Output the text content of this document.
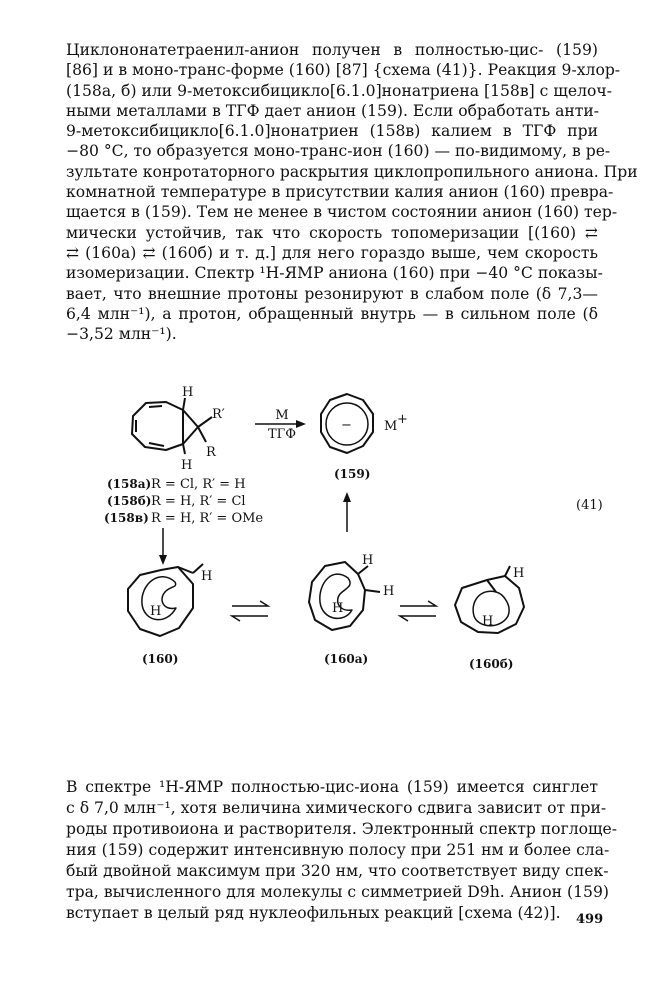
Циклононатетраенил-анион получен в полностью-цис- (159)
[86] и в моно-транс-форме (160) [87] {схема (41)}. Реакция 9-хлор-
(158а, б) или 9-метоксибицикло[6.1.0]нонатриена [158в] с щелоч-
ными металлами в ТГФ дает анион (159). Если обработать анти-
9-метоксибицикло[6.1.0]нонатриен (158в) калием в ТГФ при
−80 °С, то образуется моно-транс-ион (160) — по-видимому, в ре-
зультате конротаторного раскрытия циклопропильного аниона. При
комнатной температуре в присутствии калия анион (160) превра-
щается в (159). Тем не менее в чистом состоянии анион (160) тер-
мически устойчив, так что скорость топомеризации [(160) ⇄
⇄ (160а) ⇄ (160б) и т. д.] для него гораздо выше, чем скорость
изомеризации. Спектр ¹Н-ЯМР аниона (160) при −40 °С показы-
вает, что внешние протоны резонируют в слабом поле (δ 7,3—
6,4 млн⁻¹), а протон, обращенный внутрь — в сильном поле (δ
−3,52 млн⁻¹).
H
R′
R
H
M
ТГФ
− M +
(159)
(158а) R = Cl, R′ = H
(158б) R = H, R′ = Cl
(158в) R = H, R′ = OMe
(41)
H
H
(160)
H
H
H
(160а)
H
H
(160б)
В спектре ¹Н-ЯМР полностью-цис-иона (159) имеется синглет
с δ 7,0 млн⁻¹, хотя величина химического сдвига зависит от при-
роды противоиона и растворителя. Электронный спектр поглоще-
ния (159) содержит интенсивную полосу при 251 нм и более сла-
бый двойной максимум при 320 нм, что соответствует виду спек-
тра, вычисленного для молекулы с симметрией D9h. Анион (159)
вступает в целый ряд нуклеофильных реакций [схема (42)].	499
